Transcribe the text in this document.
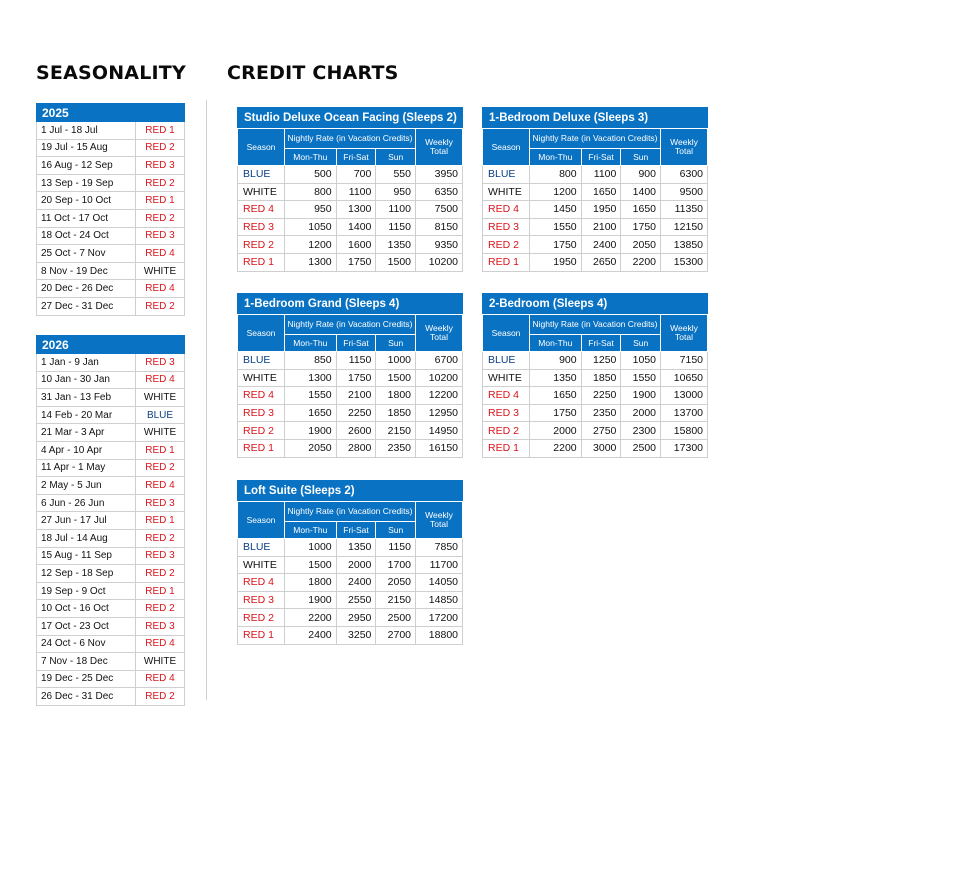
SEASONALITY CREDIT CHARTS
2025	
1 Jul - 18 Jul	RED 1
19 Jul - 15 Aug	RED 2
16 Aug - 12 Sep	RED 3
13 Sep - 19 Sep	RED 2
20 Sep - 10 Oct	RED 1
11 Oct - 17 Oct	RED 2
18 Oct - 24 Oct	RED 3
25 Oct - 7 Nov	RED 4
8 Nov - 19 Dec	WHITE
20 Dec - 26 Dec	RED 4
27 Dec - 31 Dec	RED 2
2026	
1 Jan - 9 Jan	RED 3
10 Jan - 30 Jan	RED 4
31 Jan - 13 Feb	WHITE
14 Feb - 20 Mar	BLUE
21 Mar - 3 Apr	WHITE
4 Apr - 10 Apr	RED 1
11 Apr - 1 May	RED 2
2 May - 5 Jun	RED 4
6 Jun - 26 Jun	RED 3
27 Jun - 17 Jul	RED 1
18 Jul - 14 Aug	RED 2
15 Aug - 11 Sep	RED 3
12 Sep - 18 Sep	RED 2
19 Sep - 9 Oct	RED 1
10 Oct - 16 Oct	RED 2
17 Oct - 23 Oct	RED 3
24 Oct - 6 Nov	RED 4
7 Nov - 18 Dec	WHITE
19 Dec - 25 Dec	RED 4
26 Dec - 31 Dec	RED 2
Studio Deluxe Ocean Facing (Sleeps 2)				
Season	Nightly Rate (in Vacation Credits)			Weekly Total
	Mon-Thu	Fri-Sat	Sun	
BLUE	500	700	550	3950
WHITE	800	1100	950	6350
RED 4	950	1300	1100	7500
RED 3	1050	1400	1150	8150
RED 2	1200	1600	1350	9350
RED 1	1300	1750	1500	10200
1-Bedroom Deluxe (Sleeps 3)				
Season	Nightly Rate (in Vacation Credits)			Weekly Total
	Mon-Thu	Fri-Sat	Sun	
BLUE	800	1100	900	6300
WHITE	1200	1650	1400	9500
RED 4	1450	1950	1650	11350
RED 3	1550	2100	1750	12150
RED 2	1750	2400	2050	13850
RED 1	1950	2650	2200	15300
1-Bedroom Grand (Sleeps 4)				
Season	Nightly Rate (in Vacation Credits)			Weekly Total
	Mon-Thu	Fri-Sat	Sun	
BLUE	850	1150	1000	6700
WHITE	1300	1750	1500	10200
RED 4	1550	2100	1800	12200
RED 3	1650	2250	1850	12950
RED 2	1900	2600	2150	14950
RED 1	2050	2800	2350	16150
2-Bedroom (Sleeps 4)				
Season	Nightly Rate (in Vacation Credits)			Weekly Total
	Mon-Thu	Fri-Sat	Sun	
BLUE	900	1250	1050	7150
WHITE	1350	1850	1550	10650
RED 4	1650	2250	1900	13000
RED 3	1750	2350	2000	13700
RED 2	2000	2750	2300	15800
RED 1	2200	3000	2500	17300
Loft Suite (Sleeps 2)				
Season	Nightly Rate (in Vacation Credits)			Weekly Total
	Mon-Thu	Fri-Sat	Sun	
BLUE	1000	1350	1150	7850
WHITE	1500	2000	1700	11700
RED 4	1800	2400	2050	14050
RED 3	1900	2550	2150	14850
RED 2	2200	2950	2500	17200
RED 1	2400	3250	2700	18800
